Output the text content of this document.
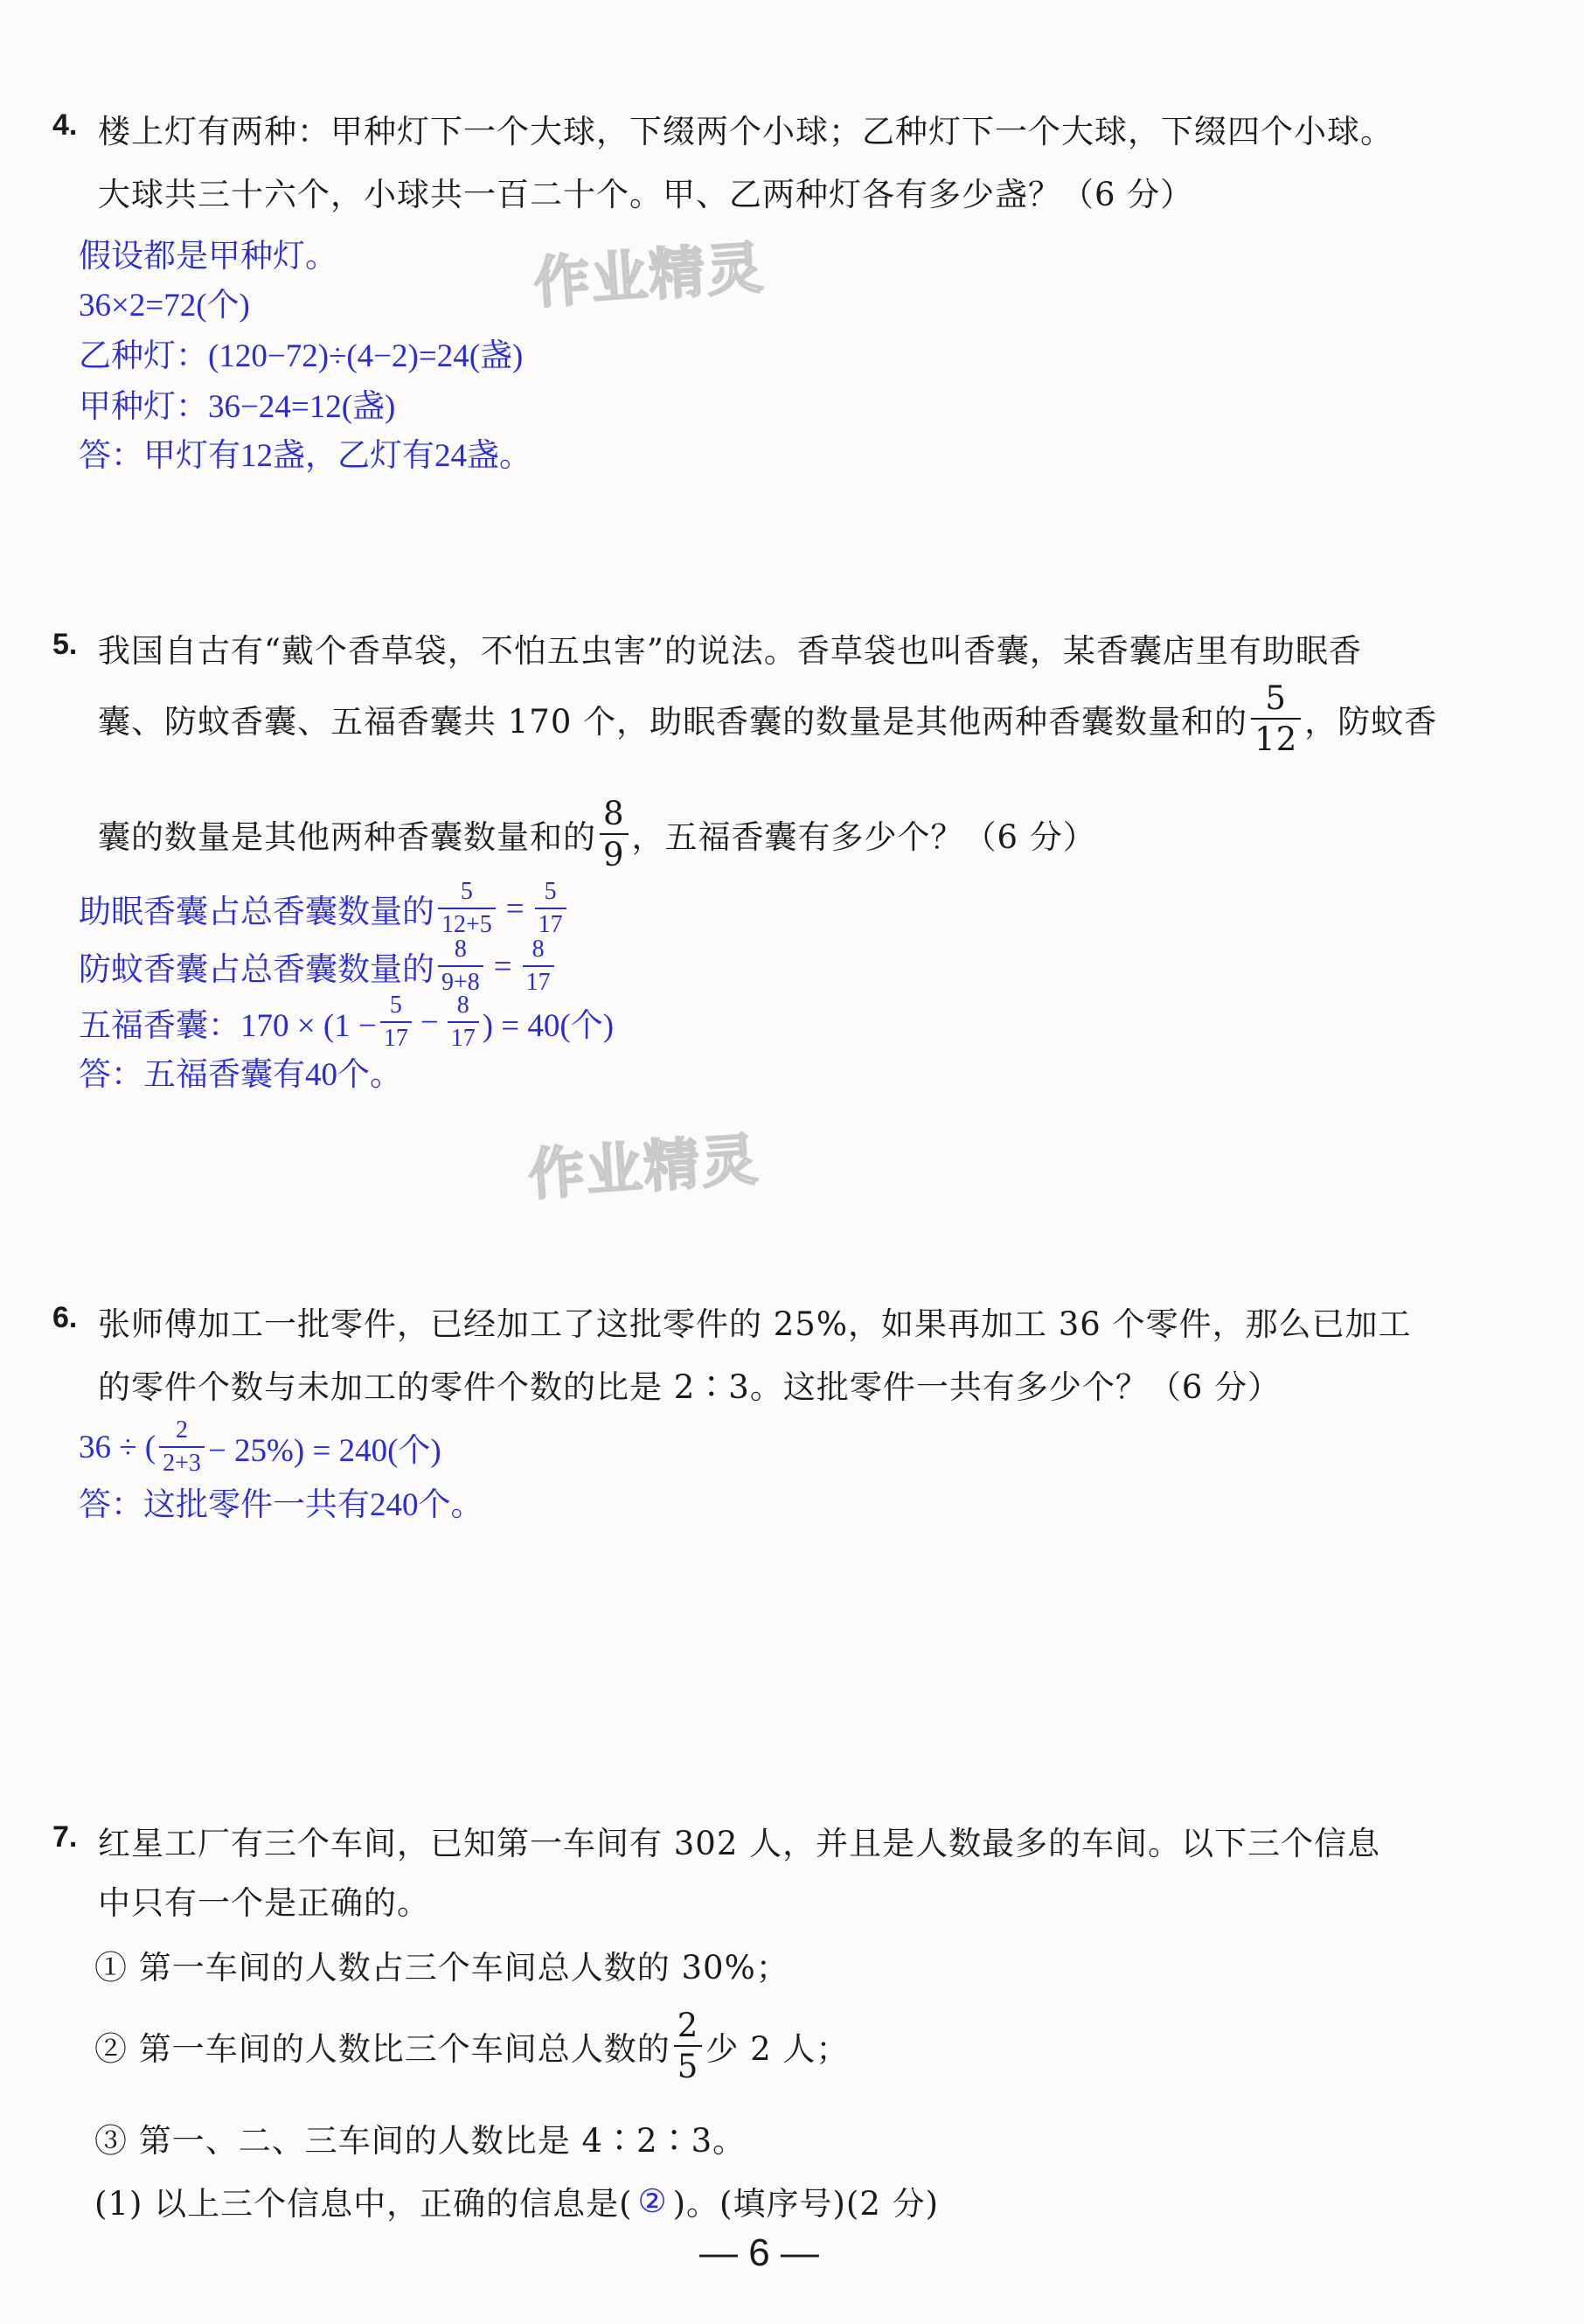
4. 楼上灯有两种：甲种灯下一个大球，下缀两个小球；乙种灯下一个大球，下缀四个小球。
大球共三十六个，小球共一百二十个。甲、乙两种灯各有多少盏？（6 分）
假设都是甲种灯。
36×2=72(个)
乙种灯：(120−72)÷(4−2)=24(盏)
甲种灯：36−24=12(盏)
答：甲灯有12盏，乙灯有24盏。
作业精灵
5. 我国自古有“戴个香草袋，不怕五虫害”的说法。香草袋也叫香囊，某香囊店里有助眠香
囊、防蚊香囊、五福香囊共 170 个，助眠香囊的数量是其他两种香囊数量和的 $\frac{5}{12}$ ，防蚊香
囊的数量是其他两种香囊数量和的 $\frac{8}{9}$ ，五福香囊有多少个？（6 分）
助眠香囊占总香囊数量的 $\frac{5}{12+5} = \frac{5}{17}$
防蚊香囊占总香囊数量的 $\frac{8}{9+8} = \frac{8}{17}$
五福香囊：$170 \times (1 - \frac{5}{17} - \frac{8}{17}$ ) = 40(个)
答：五福香囊有40个。
作业精灵
6. 张师傅加工一批零件，已经加工了这批零件的 25%，如果再加工 36 个零件，那么已加工
的零件个数与未加工的零件个数的比是 2∶3。这批零件一共有多少个？（6 分）
36 ÷ ( $\frac{2}{2+3} - 25\%) = 240$(个)
答：这批零件一共有240个。
7. 红星工厂有三个车间，已知第一车间有 302 人，并且是人数最多的车间。以下三个信息
中只有一个是正确的。
① 第一车间的人数占三个车间总人数的 30%；
② 第一车间的人数比三个车间总人数的 $\frac{2}{5}$ 少 2 人；
③ 第一、二、三车间的人数比是 4∶2∶3。
(1) 以上三个信息中，正确的信息是( ② )。(填序号)(2 分)
— 6 —
